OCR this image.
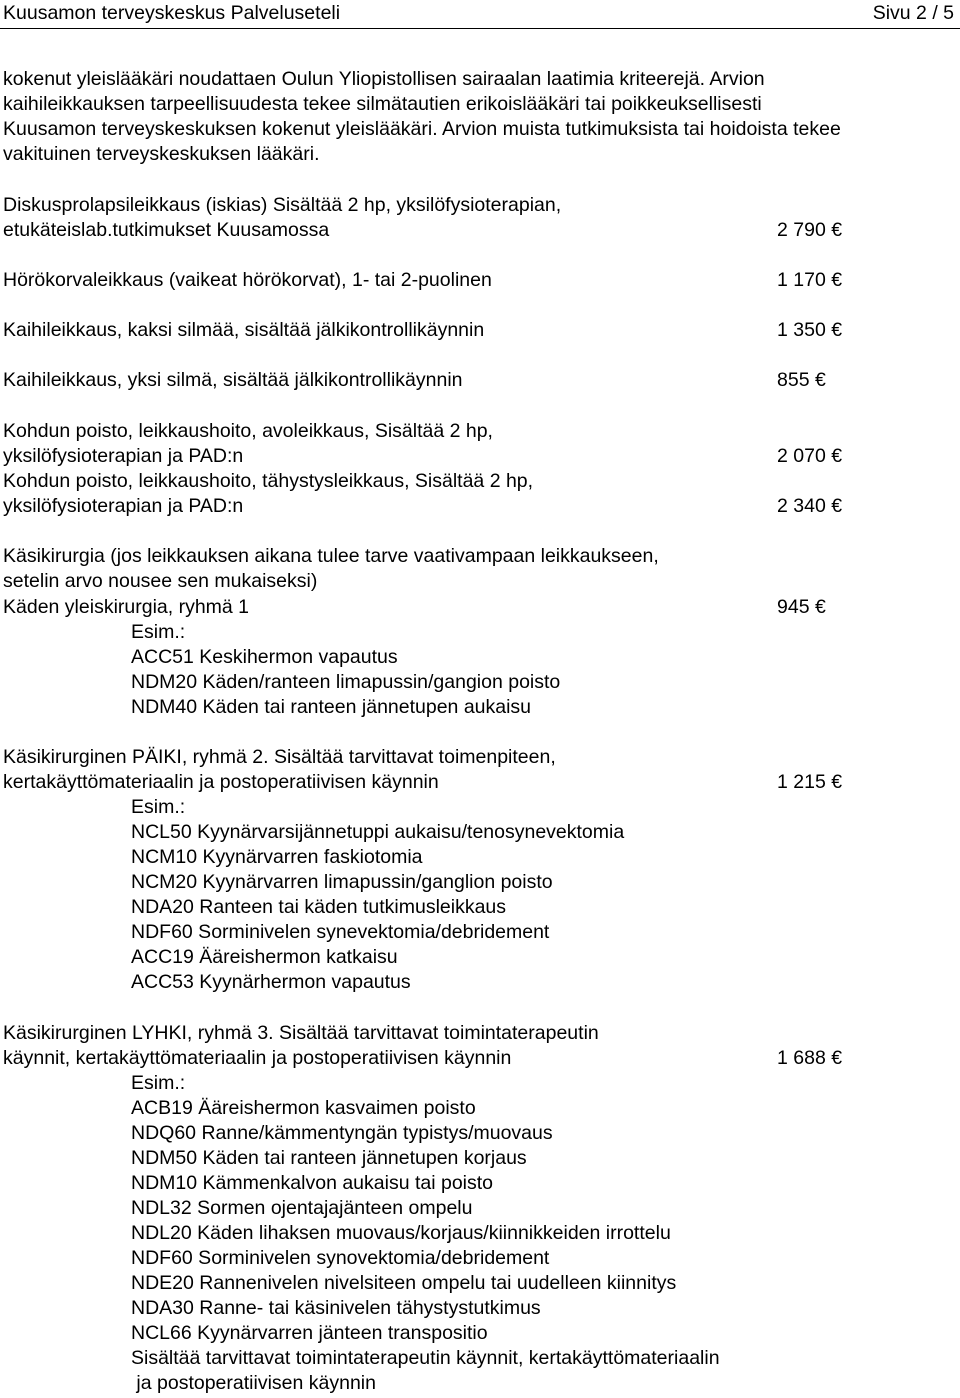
Kuusamon terveyskeskus Palveluseteli	Sivu 2 / 5
kokenut yleislääkäri noudattaen Oulun Yliopistollisen sairaalan laatimia kriteerejä. Arvion
kaihileikkauksen tarpeellisuudesta tekee silmätautien erikoislääkäri tai poikkeuksellisesti
Kuusamon terveyskeskuksen kokenut yleislääkäri. Arvion muista tutkimuksista tai hoidoista tekee
vakituinen terveyskeskuksen lääkäri.
Diskusprolapsileikkaus (iskias) Sisältää 2 hp, yksilöfysioterapian,
etukäteislab.tutkimukset Kuusamossa	2 790 €
Hörökorvaleikkaus (vaikeat hörökorvat), 1- tai 2-puolinen	1 170 €
Kaihileikkaus, kaksi silmää, sisältää jälkikontrollikäynnin	1 350 €
Kaihileikkaus, yksi silmä, sisältää jälkikontrollikäynnin	855 €
Kohdun poisto, leikkaushoito, avoleikkaus, Sisältää 2 hp,
yksilöfysioterapian ja PAD:n	2 070 €
Kohdun poisto, leikkaushoito, tähystysleikkaus, Sisältää 2 hp,
yksilöfysioterapian ja PAD:n	2 340 €
Käsikirurgia (jos leikkauksen aikana tulee tarve vaativampaan leikkaukseen,
setelin arvo nousee sen mukaiseksi)
Käden yleiskirurgia, ryhmä 1	945 €
Esim.:
ACC51 Keskihermon vapautus
NDM20 Käden/ranteen limapussin/gangion poisto
NDM40 Käden tai ranteen jännetupen aukaisu
Käsikirurginen PÄIKI, ryhmä 2. Sisältää tarvittavat toimenpiteen,
kertakäyttömateriaalin ja postoperatiivisen käynnin	1 215 €
Esim.:
NCL50 Kyynärvarsijännetuppi aukaisu/tenosynevektomia
NCM10 Kyynärvarren faskiotomia
NCM20 Kyynärvarren limapussin/ganglion poisto
NDA20 Ranteen tai käden tutkimusleikkaus
NDF60 Sorminivelen synevektomia/debridement
ACC19 Ääreishermon katkaisu
ACC53 Kyynärhermon vapautus
Käsikirurginen LYHKI, ryhmä 3. Sisältää tarvittavat toimintaterapeutin
käynnit, kertakäyttömateriaalin ja postoperatiivisen käynnin	1 688 €
Esim.:
ACB19 Ääreishermon kasvaimen poisto
NDQ60 Ranne/kämmentyngän typistys/muovaus
NDM50 Käden tai ranteen jännetupen korjaus
NDM10 Kämmenkalvon aukaisu tai poisto
NDL32 Sormen ojentajajänteen ompelu
NDL20 Käden lihaksen muovaus/korjaus/kiinnikkeiden irrottelu
NDF60 Sorminivelen synovektomia/debridement
NDE20 Rannenivelen nivelsiteen ompelu tai uudelleen kiinnitys
NDA30 Ranne- tai käsinivelen tähystystutkimus
NCL66 Kyynärvarren jänteen transpositio
Sisältää tarvittavat toimintaterapeutin käynnit, kertakäyttömateriaalin
ja postoperatiivisen käynnin
